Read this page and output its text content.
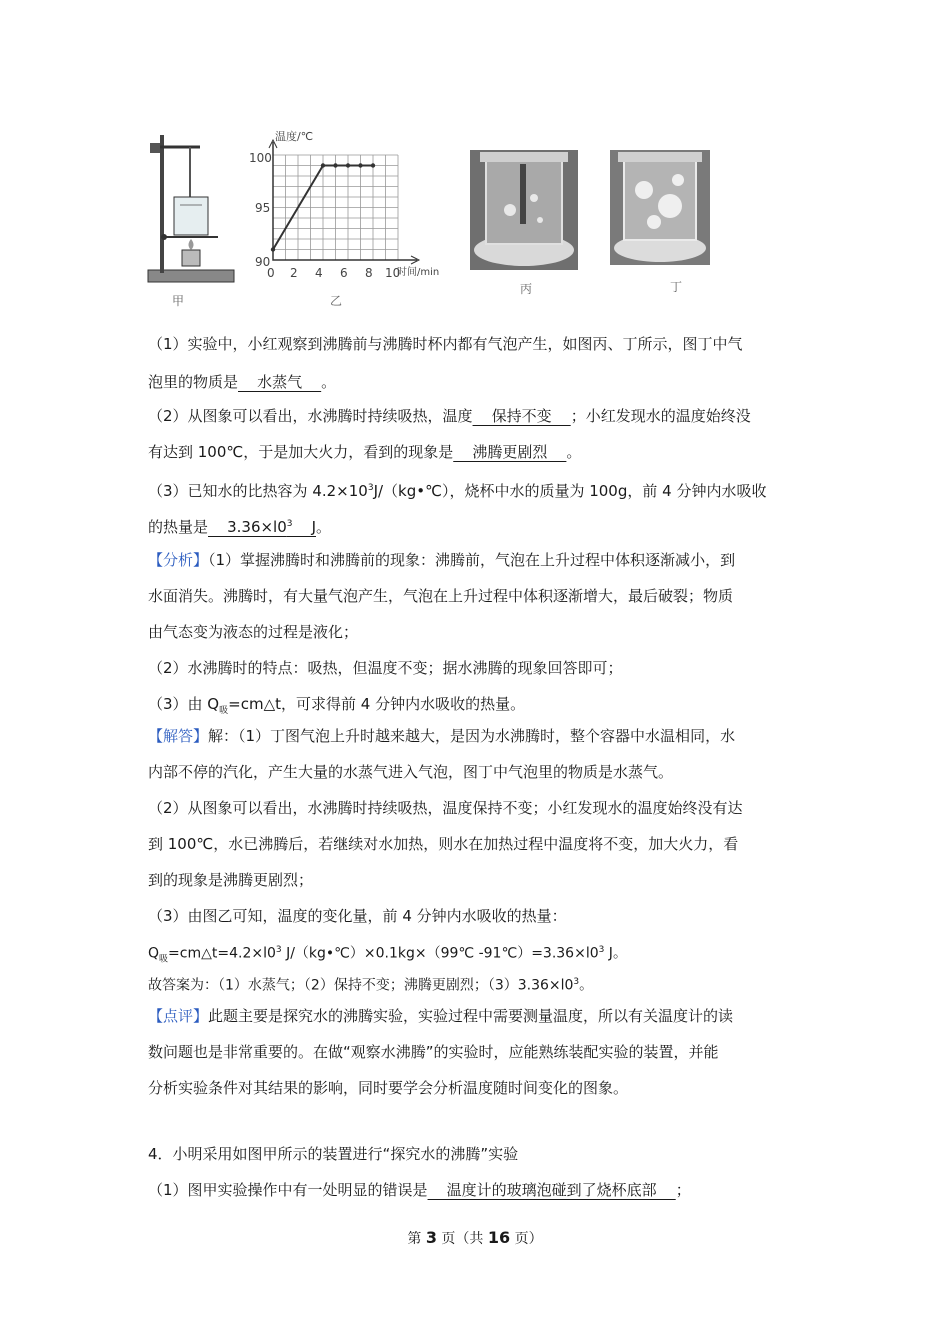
甲
温度/℃
时间/min
100
95
90
0 2 4 6 8 10
乙
丙	丁
（1）实验中，小红观察到沸腾前与沸腾时杯内都有气泡产生，如图丙、丁所示，图丁中气
泡里的物质是    水蒸气    。
（2）从图象可以看出，水沸腾时持续吸热，温度    保持不变    ；小红发现水的温度始终没
有达到 100℃，于是加大火力，看到的现象是    沸腾更剧烈    。
（3）已知水的比热容为 $4.2\times 10^3J/(kg•℃)$，烧杯中水的质量为 100g，前 4 分钟内水吸收
的热量是    $3.36\times l0^3$    J。
【分析】（1）掌握沸腾时和沸腾前的现象：沸腾前，气泡在上升过程中体积逐渐减小，到
水面消失。沸腾时，有大量气泡产生，气泡在上升过程中体积逐渐增大，最后破裂；物质
由气态变为液态的过程是液化；
（2）水沸腾时的特点：吸热，但温度不变；据水沸腾的现象回答即可；
（3）由 $Q_吸=cm\triangle t$，可求得前 4 分钟内水吸收的热量。
【解答】解：（1）丁图气泡上升时越来越大，是因为水沸腾时，整个容器中水温相同，水
内部不停的汽化，产生大量的水蒸气进入气泡，图丁中气泡里的物质是水蒸气。
（2）从图象可以看出，水沸腾时持续吸热，温度保持不变；小红发现水的温度始终没有达
到 100℃，水已沸腾后，若继续对水加热，则水在加热过程中温度将不变，加大火力，看
到的现象是沸腾更剧烈；
（3）由图乙可知，温度的变化量，前 4 分钟内水吸收的热量：
$Q_吸=cm\triangle t=4.2\times l0^3$ J/（kg•℃）×0.1kg×（99℃ $-91℃)=3.36\times l0^3$ J。
故答案为：（1）水蒸气；（2）保持不变；沸腾更剧烈；$(3)3.36\times l0^3$。
【点评】此题主要是探究水的沸腾实验，实验过程中需要测量温度，所以有关温度计的读
数问题也是非常重要的。在做“观察水沸腾”的实验时，应能熟练装配实验的装置，并能
分析实验条件对其结果的影响，同时要学会分析温度随时间变化的图象。
4．小明采用如图甲所示的装置进行“探究水的沸腾”实验
（1）图甲实验操作中有一处明显的错误是    温度计的玻璃泡碰到了烧杯底部    ；
第 3 页（共 16 页）
